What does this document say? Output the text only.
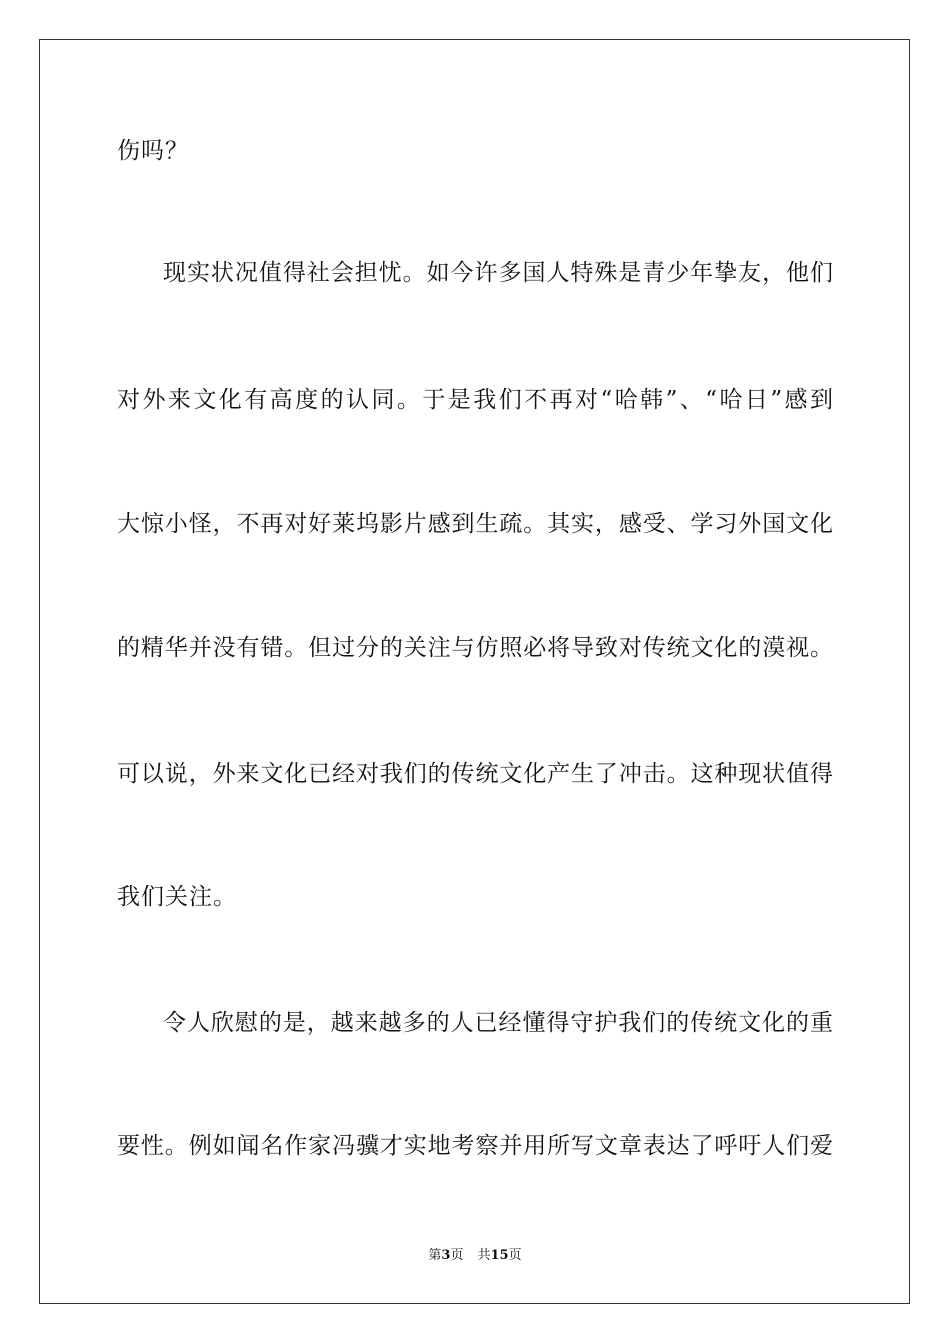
伤吗？
现实状况值得社会担忧。如今许多国人特殊是青少年挚友，他们
对外来文化有高度的认同。于是我们不再对“哈韩”、“哈日”感到
大惊小怪，不再对好莱坞影片感到生疏。其实，感受、学习外国文化
的精华并没有错。但过分的关注与仿照必将导致对传统文化的漠视。
可以说，外来文化已经对我们的传统文化产生了冲击。这种现状值得
我们关注。
令人欣慰的是，越来越多的人已经懂得守护我们的传统文化的重
要性。例如闻名作家冯骥才实地考察并用所写文章表达了呼吁人们爱
第3页 共15页
